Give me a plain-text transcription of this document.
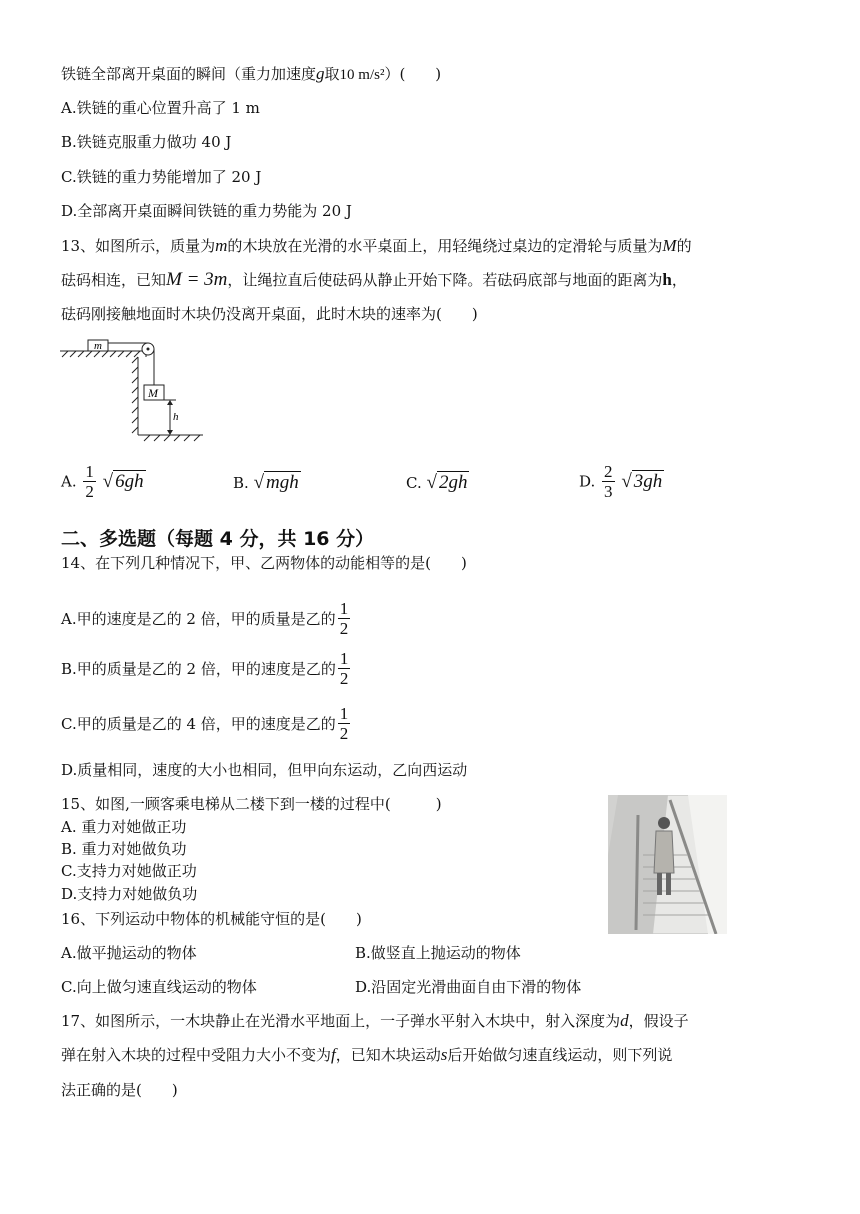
铁链全部离开桌面的瞬间（重力加速度g取10 m/s²）(　　)
A.铁链的重心位置升高了 1 m
B.铁链克服重力做功 40 J
C.铁链的重力势能增加了 20 J
D.全部离开桌面瞬间铁链的重力势能为 20 J
13、如图所示，质量为m的木块放在光滑的水平桌面上，用轻绳绕过桌边的定滑轮与质量为M的
砝码相连，已知M = 3m，让绳拉直后使砝码从静止开始下降。若砝码底部与地面的距离为h，
砝码刚接触地面时木块仍没离开桌面，此时木块的速率为(　　)
m
M
h
A. $\frac{1}{2}$ √ 6gh	B. √ mgh	C. √ 2gh	D. $\frac{2}{3}$ √ 3gh
二、多选题（每题 4 分，共 16 分）
14、在下列几种情况下，甲、乙两物体的动能相等的是(　　)
A.甲的速度是乙的 2 倍，甲的质量是乙的 $\frac{1}{2}$
B.甲的质量是乙的 2 倍，甲的速度是乙的 $\frac{1}{2}$
C.甲的质量是乙的 4 倍，甲的速度是乙的 $\frac{1}{2}$
D.质量相同，速度的大小也相同，但甲向东运动，乙向西运动
15、如图,一顾客乘电梯从二楼下到一楼的过程中(　　　)
A. 重力对她做正功
B. 重力对她做负功
C.支持力对她做正功
D.支持力对她做负功
16、下列运动中物体的机械能守恒的是(　　)
A.做平抛运动的物体	B.做竖直上抛运动的物体
C.向上做匀速直线运动的物体	D.沿固定光滑曲面自由下滑的物体
17、如图所示，一木块静止在光滑水平地面上，一子弹水平射入木块中，射入深度为d，假设子
弹在射入木块的过程中受阻力大小不变为f，已知木块运动s后开始做匀速直线运动，则下列说
法正确的是(　　)
